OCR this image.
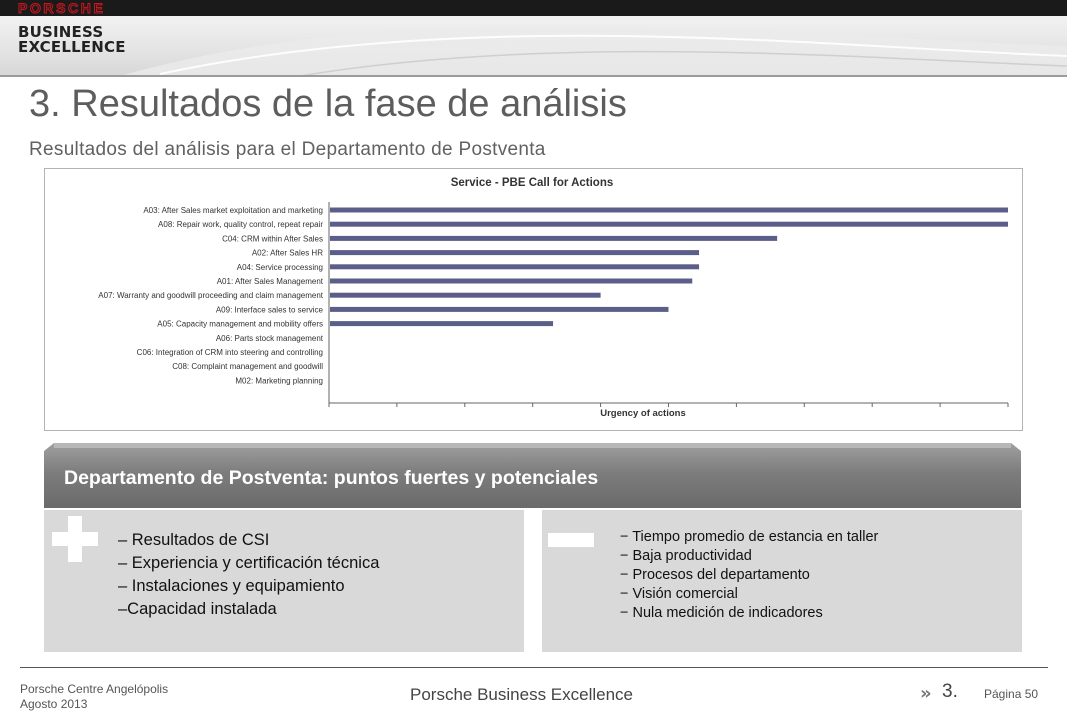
PORSCHE
BUSINESS
EXCELLENCE
3. Resultados de la fase de análisis
Resultados del análisis para el Departamento de Postventa
Service - PBE Call for Actions
A03: After Sales market exploitation and marketing
A08: Repair work, quality control, repeat repair
C04: CRM within After Sales
A02: After Sales HR
A04: Service processing
A01: After Sales Management
A07: Warranty and goodwill proceeding and claim management
A09: Interface sales to service
A05: Capacity management and mobility offers
A06: Parts stock management
C06: Integration of CRM into steering and controlling
C08: Complaint management and goodwill
M02: Marketing planning
Urgency of actions
Departamento de Postventa: puntos fuertes y potenciales
– Resultados de CSI
– Experiencia y certificación técnica
– Instalaciones y equipamiento
–Capacidad instalada
− Tiempo promedio de estancia en taller
− Baja productividad
− Procesos del departamento
− Visión comercial
− Nula medición de indicadores
Porsche Centre Angelópolis
Agosto 2013	Porsche Business Excellence	» 3. Página 50
